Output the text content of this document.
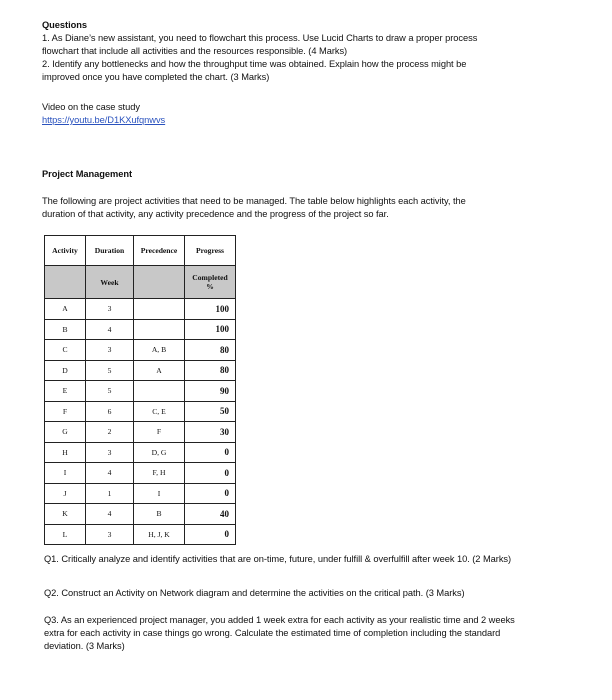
Questions
1. As Diane’s new assistant, you need to flowchart this process. Use Lucid Charts to draw a proper process
flowchart that include all activities and the resources responsible. (4 Marks)
2. Identify any bottlenecks and how the throughput time was obtained. Explain how the process might be
improved once you have completed the chart. (3 Marks)
Video on the case study
https://youtu.be/D1KXufqnwvs
Project Management
The following are project activities that need to be managed. The table below highlights each activity, the
duration of that activity, any activity precedence and the progress of the project so far.
Activity	Duration	Precedence	Progress
	Week		Completed
%
A	3		100
B	4		100
C	3	A, B	80
D	5	A	80
E	5		90
F	6	C, E	50
G	2	F	30
H	3	D, G	0
I	4	F, H	0
J	1	I	0
K	4	B	40
L	3	H, J, K	0
Q1. Critically analyze and identify activities that are on-time, future, under fulfill & overfulfill after week 10. (2 Marks)
Q2. Construct an Activity on Network diagram and determine the activities on the critical path. (3 Marks)
Q3. As an experienced project manager, you added 1 week extra for each activity as your realistic time and 2 weeks
extra for each activity in case things go wrong. Calculate the estimated time of completion including the standard
deviation. (3 Marks)
